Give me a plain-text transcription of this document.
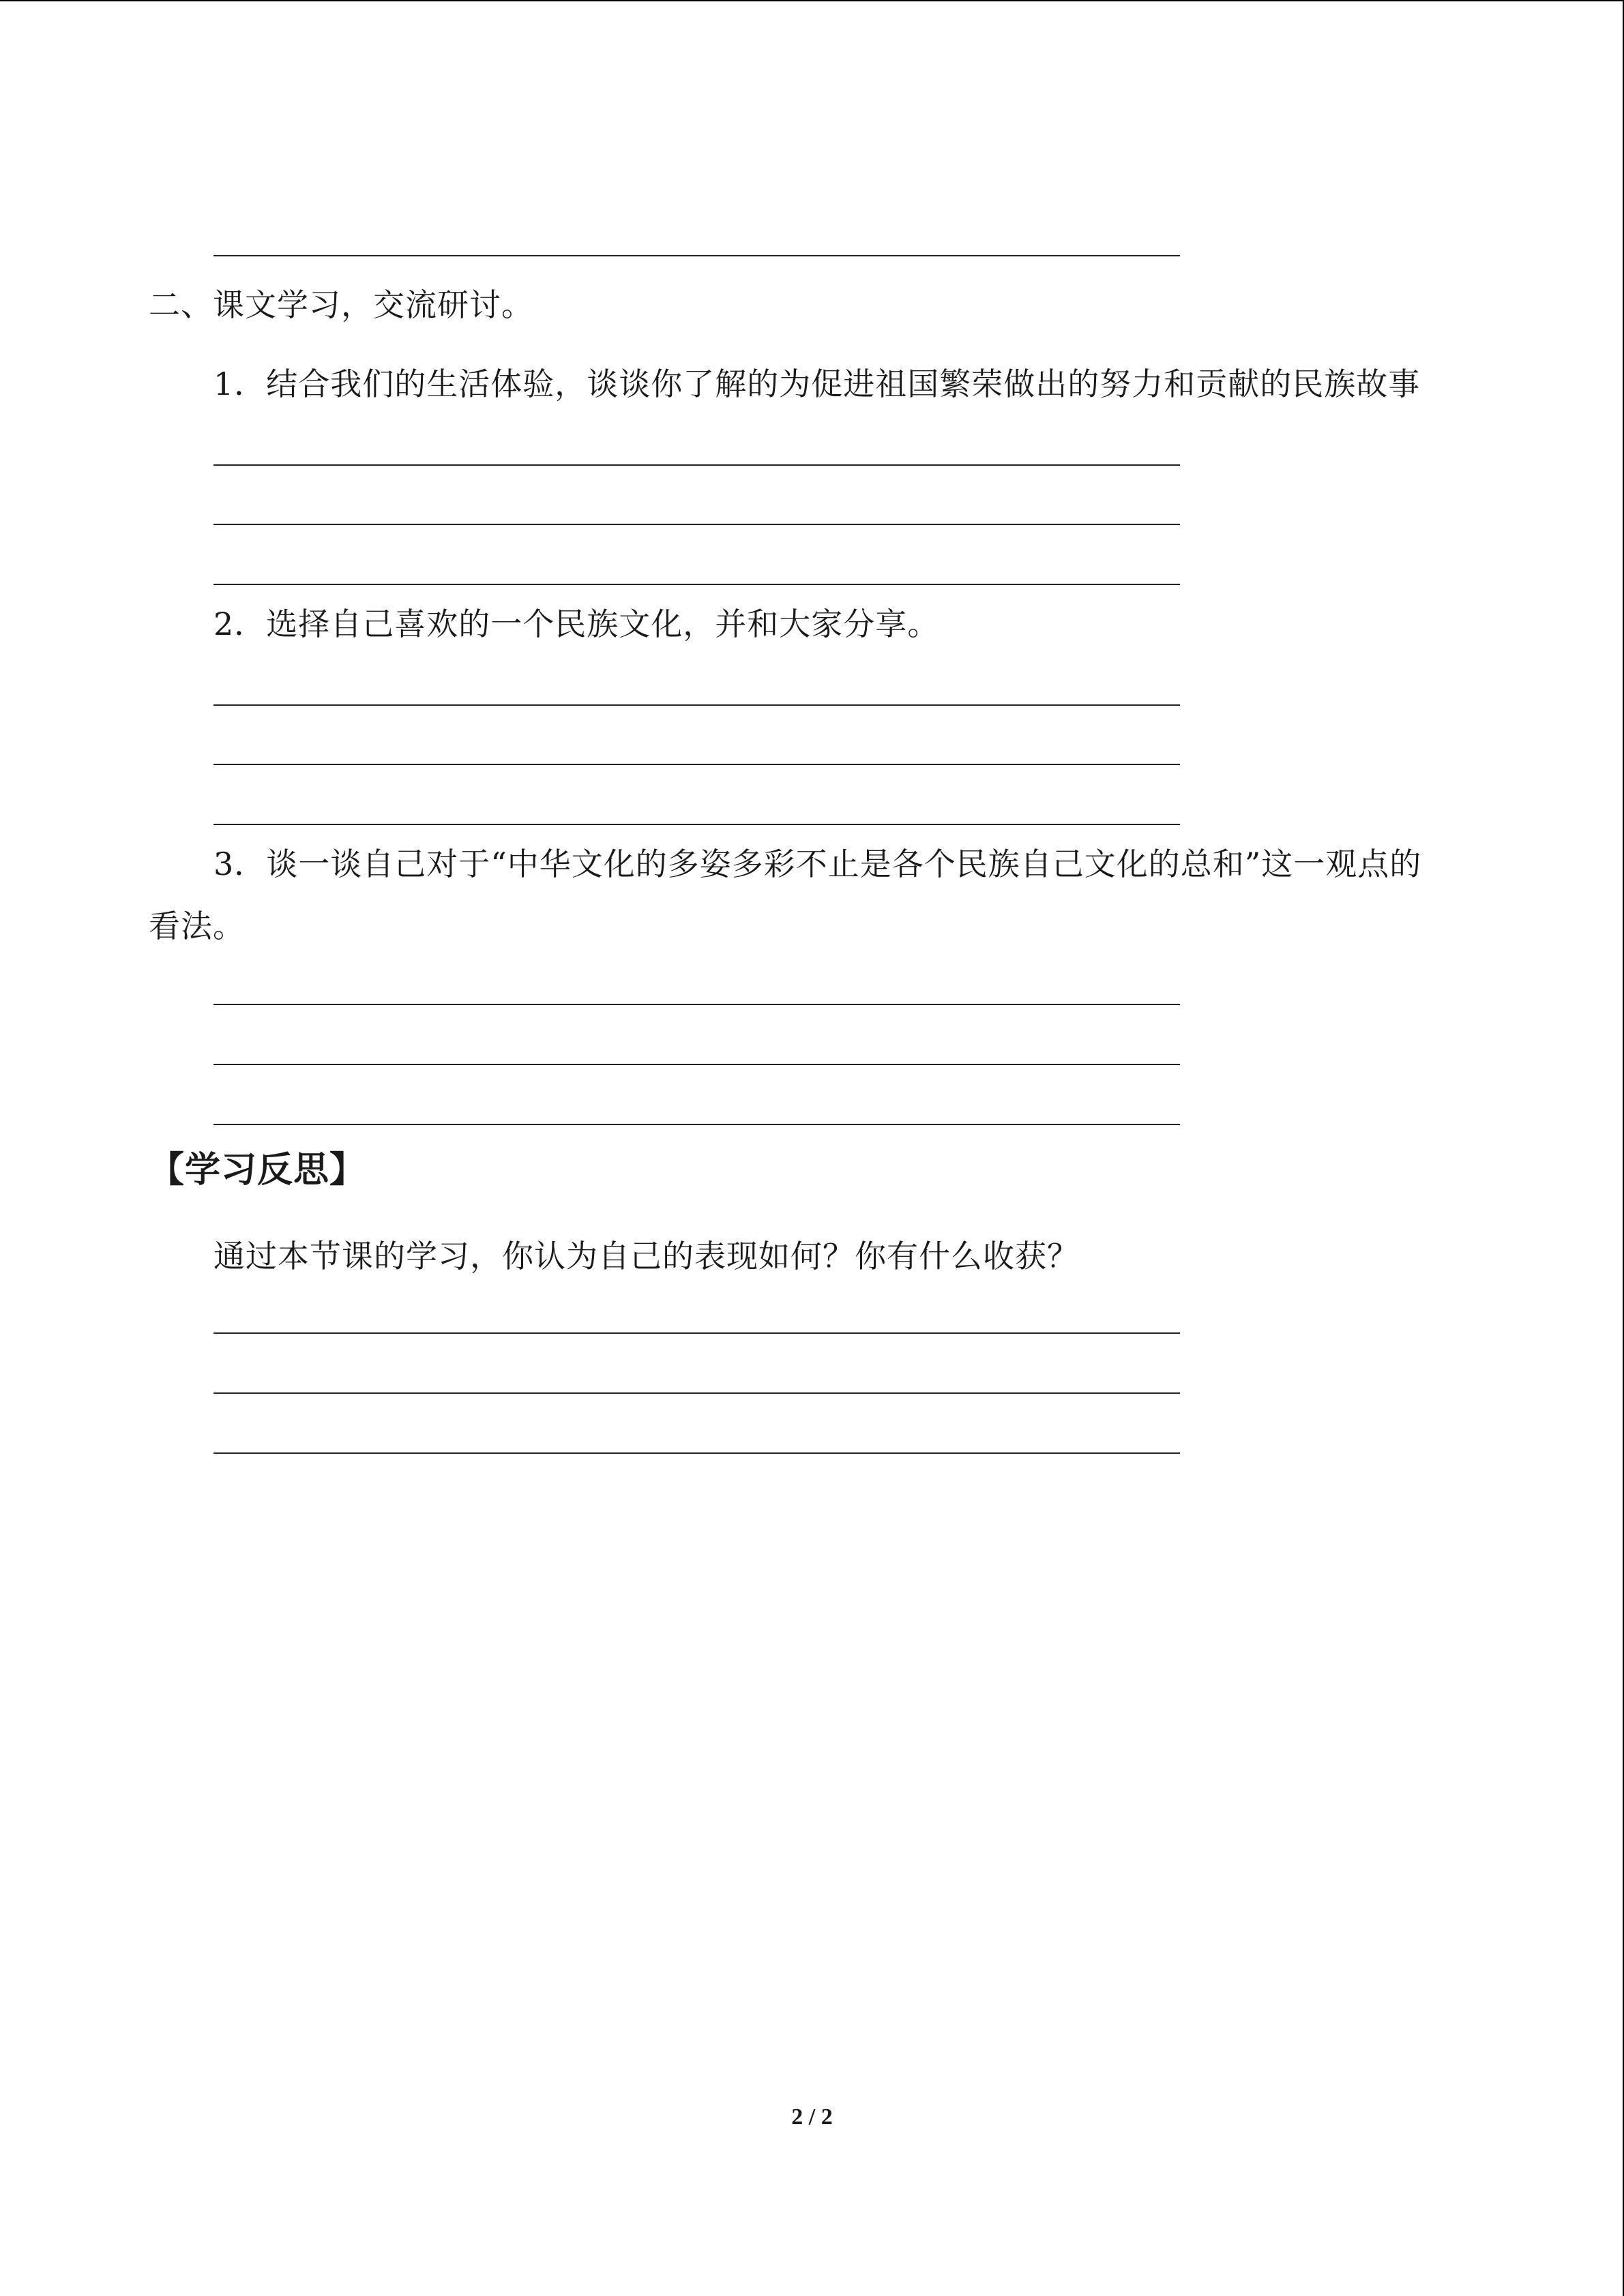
二、课文学习，交流研讨。
1．结合我们的生活体验，谈谈你了解的为促进祖国繁荣做出的努力和贡献的民族故事
2．选择自己喜欢的一个民族文化，并和大家分享。
3．谈一谈自己对于“中华文化的多姿多彩不止是各个民族自己文化的总和”这一观点的
看法。
【学习反思】
通过本节课的学习，你认为自己的表现如何？你有什么收获？
2 / 2
